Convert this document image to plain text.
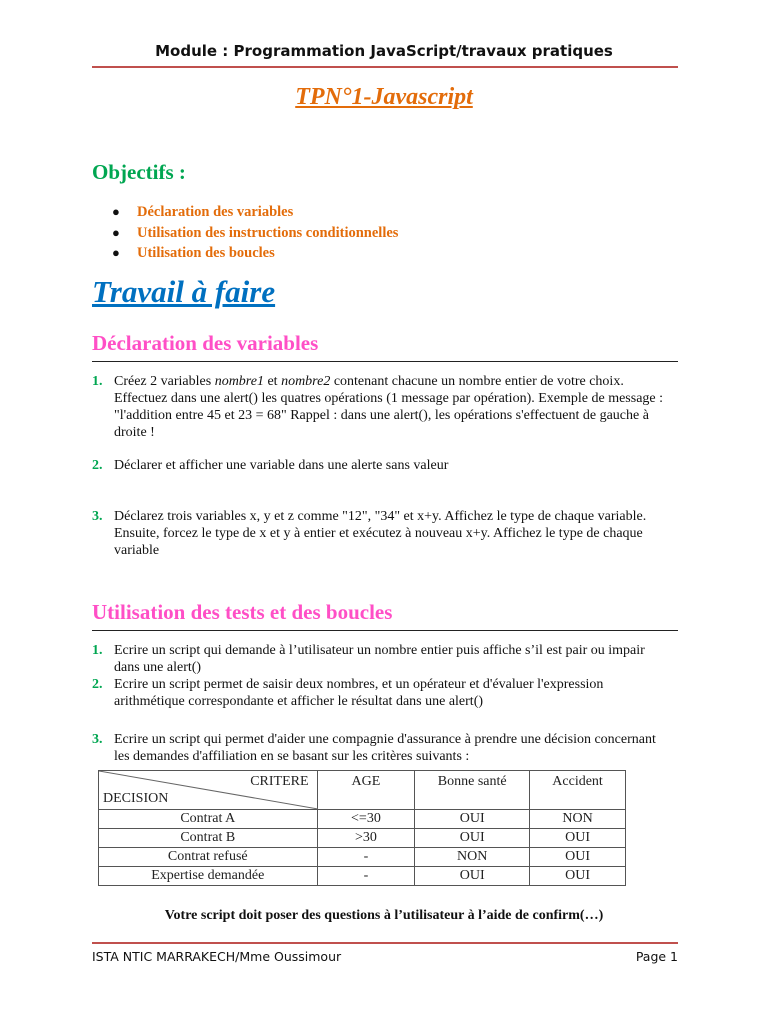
Module : Programmation JavaScript/travaux pratiques
TPN°1-Javascript
Objectifs :
● Déclaration des variables
● Utilisation des instructions conditionnelles
● Utilisation des boucles
Travail à faire
Déclaration des variables
1. Créez 2 variables nombre1 et nombre2 contenant chacune un nombre entier de votre choix. Effectuez dans une alert() les quatres opérations (1 message par opération). Exemple de message : "l'addition entre 45 et 23 = 68" Rappel : dans une alert(), les opérations s'effectuent de gauche à droite !
2. Déclarer et afficher une variable dans une alerte sans valeur
3. Déclarez trois variables x, y et z comme "12", "34" et x+y. Affichez le type de chaque variable. Ensuite, forcez le type de x et y à entier et exécutez à nouveau x+y. Affichez le type de chaque variable
Utilisation des tests et des boucles
1. Ecrire un script qui demande à l’utilisateur un nombre entier puis affiche s’il est pair ou impair dans une alert()
2. Ecrire un script permet de saisir deux nombres, et un opérateur et d'évaluer l'expression arithmétique correspondante et afficher le résultat dans une alert()
3. Ecrire un script qui permet d'aider une compagnie d'assurance à prendre une décision concernant les demandes d'affiliation en se basant sur les critères suivants :
CRITERE
DECISION	AGE	Bonne santé	Accident
Contrat A	<=30	OUI	NON
Contrat B	>30	OUI	OUI
Contrat refusé	-	NON	OUI
Expertise demandée	-	OUI	OUI
Votre script doit poser des questions à l’utilisateur à l’aide de confirm(…)
ISTA NTIC MARRAKECH/Mme Oussimour	Page 1
